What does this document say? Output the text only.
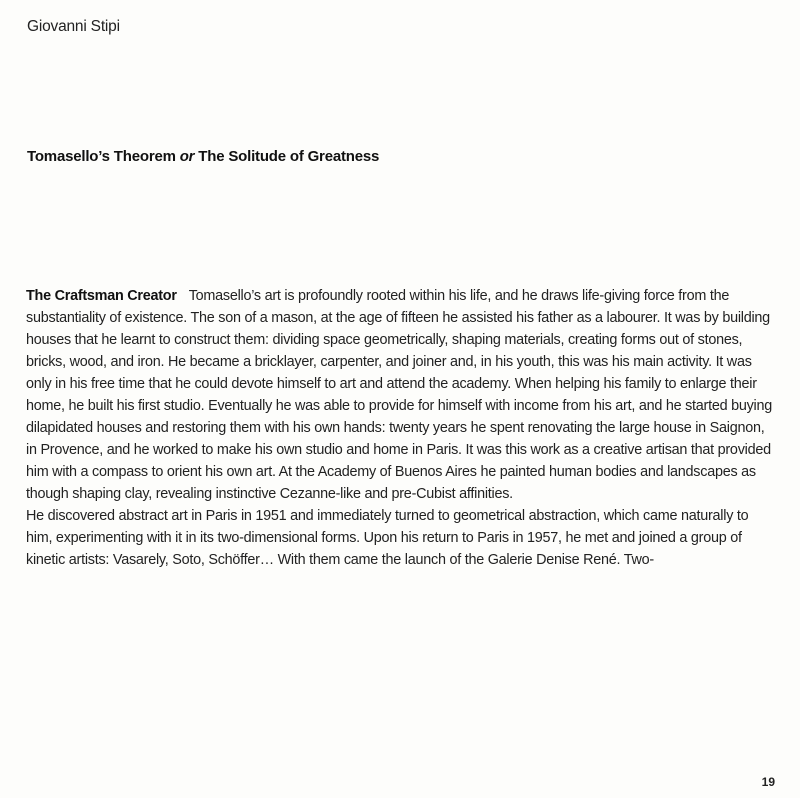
Giovanni Stipi
Tomasello’s Theorem or The Solitude of Greatness

The Craftsman Creator Tomasello’s art is profoundly rooted within his life, and he draws life-giving force from the substantiality of existence. The son of a mason, at the age of fifteen he assisted his father as a labourer. It was by building houses that he learnt to construct them: dividing space geometrically, shaping materials, creating forms out of stones, bricks, wood, and iron. He became a bricklayer, carpenter, and joiner and, in his youth, this was his main activity. It was only in his free time that he could devote himself to art and attend the academy. When helping his family to enlarge their home, he built his first studio. Eventually he was able to provide for himself with income from his art, and he started buying dilapidated houses and restoring them with his own hands: twenty years he spent renovating the large house in Saignon, in Provence, and he worked to make his own studio and home in Paris. It was this work as a creative artisan that provided him with a compass to orient his own art. At the Academy of Buenos Aires he painted human bodies and landscapes as though shaping clay, revealing instinctive Cezanne-like and pre-Cubist affinities.

He discovered abstract art in Paris in 1951 and immediately turned to geometrical abstraction, which came naturally to him, experimenting with it in its two-dimensional forms. Upon his return to Paris in 1957, he met and joined a group of kinetic artists: Vasarely, Soto, Schöffer… With them came the launch of the Galerie Denise René. Two-

19
